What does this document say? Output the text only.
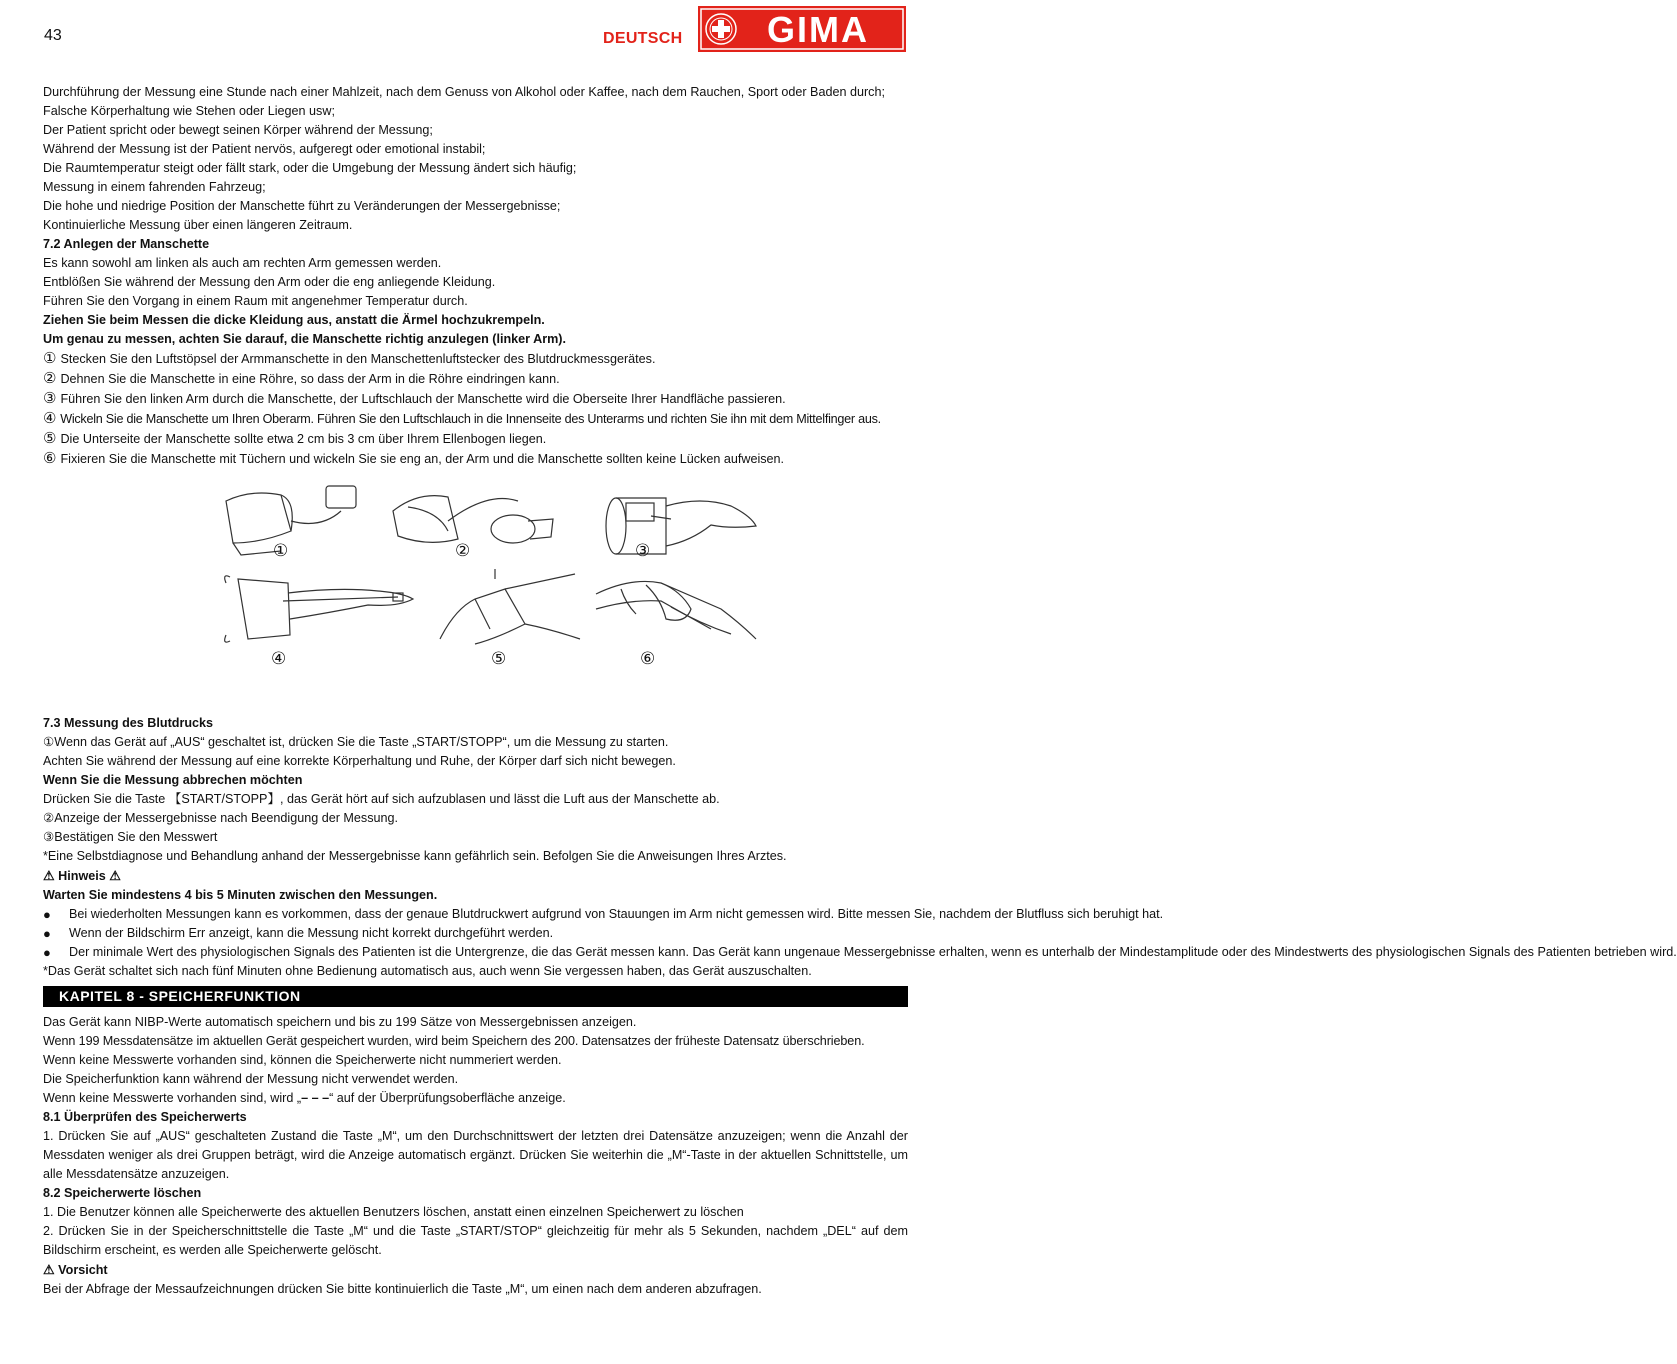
43	DEUTSCH GIMA

Durchführung der Messung eine Stunde nach einer Mahlzeit, nach dem Genuss von Alkohol oder Kaffee, nach dem Rauchen, Sport oder Baden durch;

Falsche Körperhaltung wie Stehen oder Liegen usw;

Der Patient spricht oder bewegt seinen Körper während der Messung;

Während der Messung ist der Patient nervös, aufgeregt oder emotional instabil;

Die Raumtemperatur steigt oder fällt stark, oder die Umgebung der Messung ändert sich häufig;

Messung in einem fahrenden Fahrzeug;

Die hohe und niedrige Position der Manschette führt zu Veränderungen der Messergebnisse;

Kontinuierliche Messung über einen längeren Zeitraum.

7.2 Anlegen der Manschette

Es kann sowohl am linken als auch am rechten Arm gemessen werden.

Entblößen Sie während der Messung den Arm oder die eng anliegende Kleidung.

Führen Sie den Vorgang in einem Raum mit angenehmer Temperatur durch.

Ziehen Sie beim Messen die dicke Kleidung aus, anstatt die Ärmel hochzukrempeln.

Um genau zu messen, achten Sie darauf, die Manschette richtig anzulegen (linker Arm).

① Stecken Sie den Luftstöpsel der Armmanschette in den Manschettenluftstecker des Blutdruckmessgerätes.

② Dehnen Sie die Manschette in eine Röhre, so dass der Arm in die Röhre eindringen kann.

③ Führen Sie den linken Arm durch die Manschette, der Luftschlauch der Manschette wird die Oberseite Ihrer Handfläche passieren.

④ Wickeln Sie die Manschette um Ihren Oberarm. Führen Sie den Luftschlauch in die Innenseite des Unterarms und richten Sie ihn mit dem Mittelfinger aus.

⑤ Die Unterseite der Manschette sollte etwa 2 cm bis 3 cm über Ihrem Ellenbogen liegen.

⑥ Fixieren Sie die Manschette mit Tüchern und wickeln Sie sie eng an, der Arm und die Manschette sollten keine Lücken aufweisen.

①	②	③
④	⑤	⑥

7.3 Messung des Blutdrucks

①Wenn das Gerät auf „AUS“ geschaltet ist, drücken Sie die Taste „START/STOPP“, um die Messung zu starten.

Achten Sie während der Messung auf eine korrekte Körperhaltung und Ruhe, der Körper darf sich nicht bewegen.

Wenn Sie die Messung abbrechen möchten

Drücken Sie die Taste 【START/STOPP】, das Gerät hört auf sich aufzublasen und lässt die Luft aus der Manschette ab.

②Anzeige der Messergebnisse nach Beendigung der Messung.

③Bestätigen Sie den Messwert

*Eine Selbstdiagnose und Behandlung anhand der Messergebnisse kann gefährlich sein. Befolgen Sie die Anweisungen Ihres Arztes.

⚠ Hinweis ⚠

Warten Sie mindestens 4 bis 5 Minuten zwischen den Messungen.

●	Bei wiederholten Messungen kann es vorkommen, dass der genaue Blutdruckwert aufgrund von Stauungen im Arm nicht gemessen wird. Bitte messen Sie, nachdem der Blutfluss sich beruhigt hat.

●	Wenn der Bildschirm Err anzeigt, kann die Messung nicht korrekt durchgeführt werden.

●	Der minimale Wert des physiologischen Signals des Patienten ist die Untergrenze, die das Gerät messen kann. Das Gerät kann ungenaue Messergebnisse erhalten, wenn es unterhalb der Mindestamplitude oder des Mindestwerts des physiologischen Signals des Patienten betrieben wird.

*Das Gerät schaltet sich nach fünf Minuten ohne Bedienung automatisch aus, auch wenn Sie vergessen haben, das Gerät auszuschalten.

KAPITEL 8 - SPEICHERFUNKTION

Das Gerät kann NIBP-Werte automatisch speichern und bis zu 199 Sätze von Messergebnissen anzeigen.

Wenn 199 Messdatensätze im aktuellen Gerät gespeichert wurden, wird beim Speichern des 200. Datensatzes der früheste Datensatz überschrieben.

Wenn keine Messwerte vorhanden sind, können die Speicherwerte nicht nummeriert werden.

Die Speicherfunktion kann während der Messung nicht verwendet werden.

Wenn keine Messwerte vorhanden sind, wird „– – –“ auf der Überprüfungsoberfläche anzeige.

8.1 Überprüfen des Speicherwerts

1. Drücken Sie auf „AUS“ geschalteten Zustand die Taste „M“, um den Durchschnittswert der letzten drei Datensätze anzuzeigen; wenn die Anzahl der Messdaten weniger als drei Gruppen beträgt, wird die Anzeige automatisch ergänzt. Drücken Sie weiterhin die „M“-Taste in der aktuellen Schnittstelle, um alle Messdatensätze anzuzeigen.

8.2 Speicherwerte löschen

1. Die Benutzer können alle Speicherwerte des aktuellen Benutzers löschen, anstatt einen einzelnen Speicherwert zu löschen

2. Drücken Sie in der Speicherschnittstelle die Taste „M“ und die Taste „START/STOP“ gleichzeitig für mehr als 5 Sekunden, nachdem „DEL“ auf dem Bildschirm erscheint, es werden alle Speicherwerte gelöscht.

⚠ Vorsicht

Bei der Abfrage der Messaufzeichnungen drücken Sie bitte kontinuierlich die Taste „M“, um einen nach dem anderen abzufragen.
